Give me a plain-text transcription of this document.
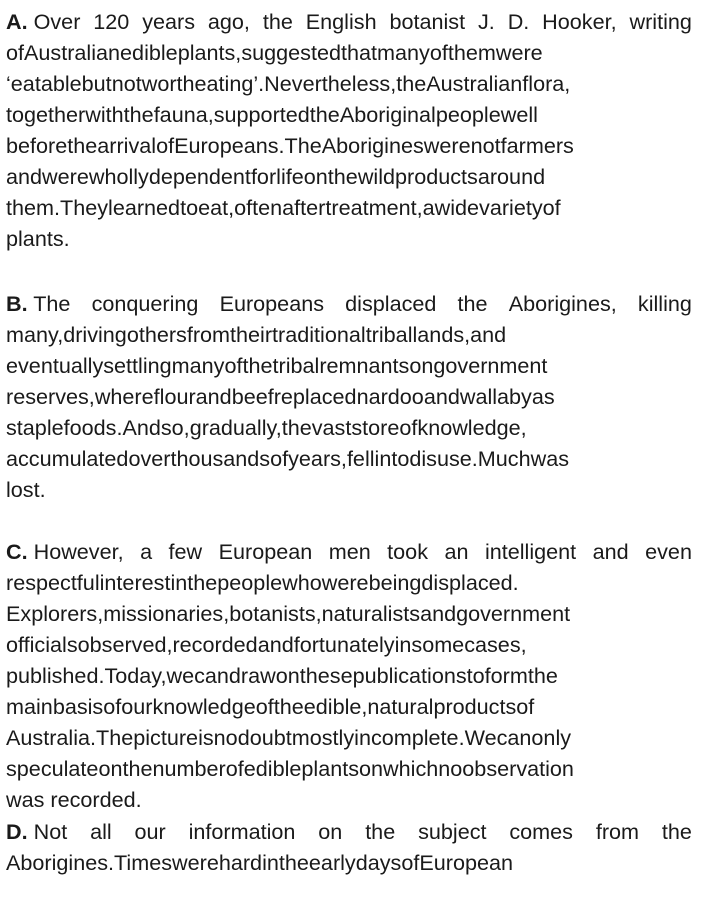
A. Over 120 years ago, the English botanist J. D. Hooker, writing
ofAustralianedibleplants,suggestedthatmanyofthemwere
‘eatablebutnotwortheating’.Nevertheless,theAustralianflora,
togetherwiththefauna,supportedtheAboriginalpeoplewell
beforethearrivalofEuropeans.TheAborigineswerenotfarmers
andwerewhollydependentforlifeonthewildproductsaround
them.Theylearnedtoeat,oftenaftertreatment,awidevarietyof
plants.
B. The conquering Europeans displaced the Aborigines, killing
many,drivingothersfromtheirtraditionaltriballands,and
eventuallysettlingmanyofthetribalremnantsongovernment
reserves,whereflourandbeefreplacednardooandwallabyas
staplefoods.Andso,gradually,thevaststoreofknowledge,
accumulatedoverthousandsofyears,fellintodisuse.Muchwas
lost.
C. However, a few European men took an intelligent and even
respectfulinterestinthepeoplewhowerebeingdisplaced.
Explorers,missionaries,botanists,naturalistsandgovernment
officialsobserved,recordedandfortunatelyinsomecases,
published.Today,wecandrawonthesepublicationstoformthe
mainbasisofourknowledgeoftheedible,naturalproductsof
Australia.Thepictureisnodoubtmostlyincomplete.Wecanonly
speculateonthenumberofedibleplantsonwhichnoobservation
was recorded.
D. Not all our information on the subject comes from the
Aborigines.TimeswerehardintheearlydaysofEuropean
